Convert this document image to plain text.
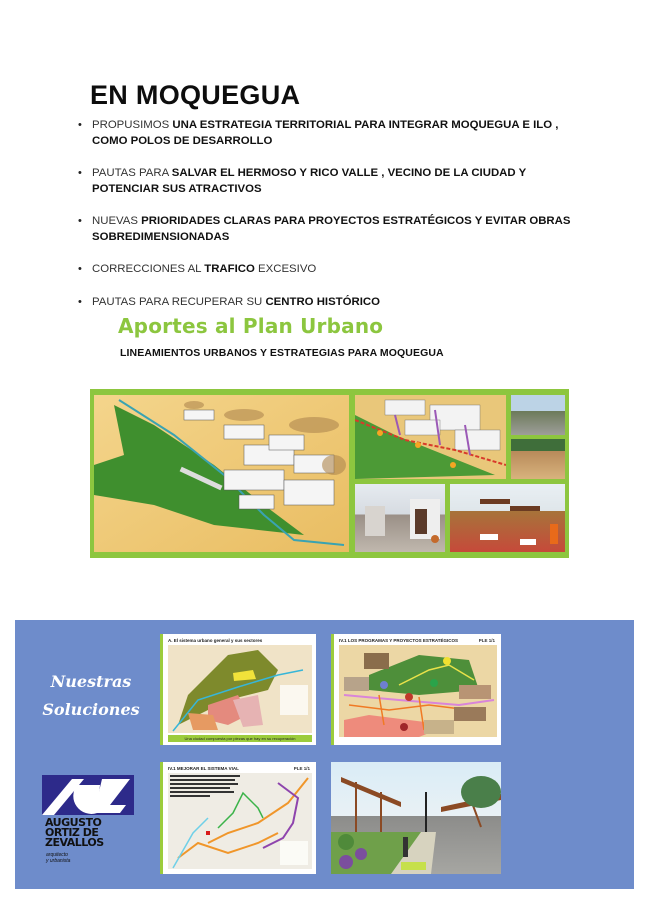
EN MOQUEGUA
• PROPUSIMOS UNA ESTRATEGIA TERRITORIAL PARA INTEGRAR MOQUEGUA E ILO , COMO POLOS DE DESARROLLO
• PAUTAS PARA SALVAR EL HERMOSO Y RICO VALLE , VECINO DE LA CIUDAD Y POTENCIAR SUS ATRACTIVOS
• NUEVAS PRIORIDADES CLARAS PARA PROYECTOS ESTRATÉGICOS Y EVITAR OBRAS SOBREDIMENSIONADAS
• CORRECCIONES AL TRAFICO EXCESIVO
• PAUTAS PARA RECUPERAR SU CENTRO HISTÓRICO
Aportes al Plan Urbano
LINEAMIENTOS URBANOS Y ESTRATEGIAS PARA MOQUEGUA
Nuestras
Soluciones
A. El sistema urbano general y sus sectores
Una ciudad compuesta por piezas que hay en su recuperación
IV.1 LOS PROGRAMAS Y PROYECTOS ESTRATÉGICOS	PLE 1/1
AUGUSTO
ORTIZ DE
ZEVALLOS
arquitecto
y urbanista
IV.1 MEJORAR EL SISTEMA VIAL	PLE 1/1
